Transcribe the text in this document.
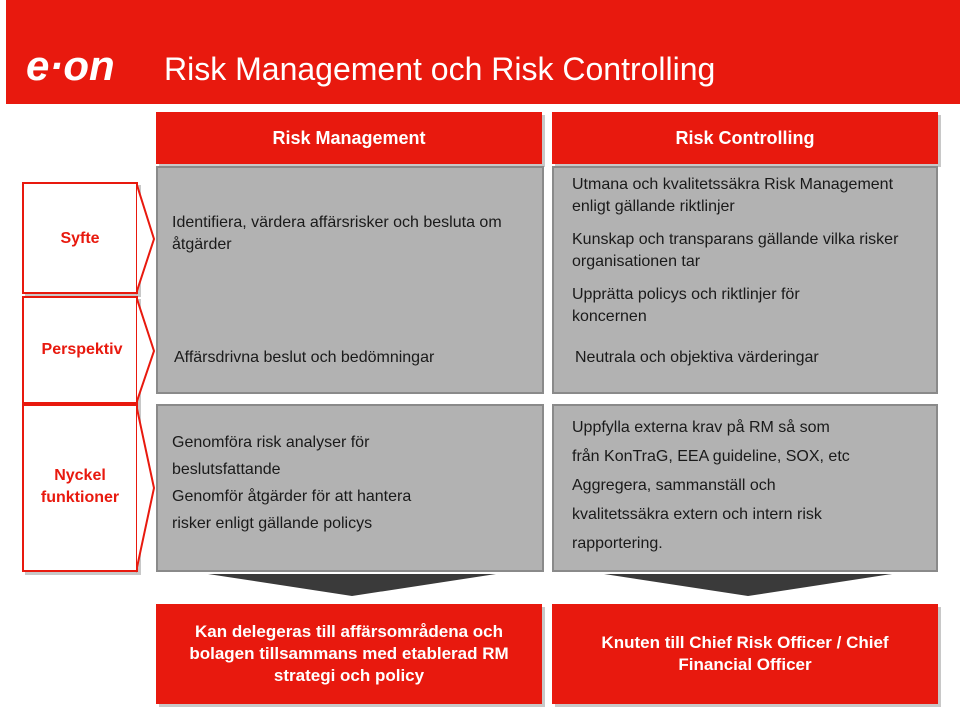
e·on Risk Management och Risk Controlling
Risk Management	Risk Controlling
Syfte
Perspektiv
Nyckel
funktioner
Identifiera, värdera affärsrisker och besluta om åtgärder
Affärsdrivna beslut och bedömningar
Genomföra risk analyser för
beslutsfattande
Genomför åtgärder för att hantera
risker enligt gällande policys
Utmana och kvalitetssäkra Risk Management enligt gällande riktlinjer
Kunskap och transparans gällande vilka risker organisationen tar
Upprätta policys och riktlinjer för koncernen
Neutrala och objektiva värderingar
Uppfylla externa krav på RM så som
från KonTraG, EEA guideline, SOX, etc
Aggregera, sammanställ och
kvalitetssäkra extern och intern risk
rapportering.
Kan delegeras till affärsområdena och bolagen tillsammans med etablerad RM strategi och policy
Knuten till Chief Risk Officer / Chief Financial Officer
